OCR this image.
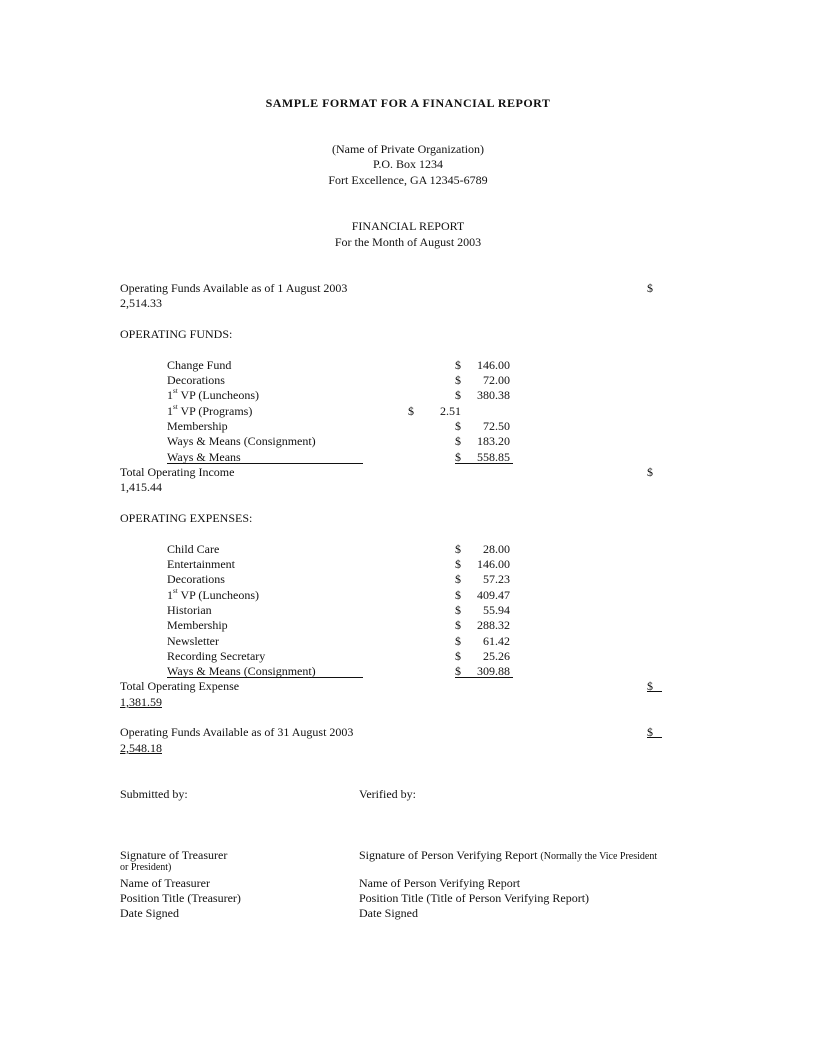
SAMPLE FORMAT FOR A FINANCIAL REPORT
(Name of Private Organization)
P.O. Box 1234
Fort Excellence, GA 12345-6789
FINANCIAL REPORT
For the Month of August 2003
Operating Funds Available as of 1 August 2003	$
2,514.33
OPERATING FUNDS:
Change Fund	$	146.00
Decorations	$	72.00
1st VP (Luncheons)	$	380.38
1st VP (Programs)	$	2.51
Membership	$	72.50
Ways & Means (Consignment)	$	183.20
Ways & Means	$	558.85
Total Operating Income	$
1,415.44
OPERATING EXPENSES:
Child Care	$	28.00
Entertainment	$	146.00
Decorations	$	57.23
1st VP (Luncheons)	$	409.47
Historian	$	55.94
Membership	$	288.32
Newsletter	$	61.42
Recording Secretary	$	25.26
Ways & Means (Consignment)	$	309.88
Total Operating Expense	$
1,381.59
Operating Funds Available as of 31 August 2003	$
2,548.18
Submitted by:	Verified by:
Signature of Treasurer	Signature of Person Verifying Report (Normally the Vice President
or President)
Name of Treasurer	Name of Person Verifying Report
Position Title (Treasurer)	Position Title (Title of Person Verifying Report)
Date Signed	Date Signed
